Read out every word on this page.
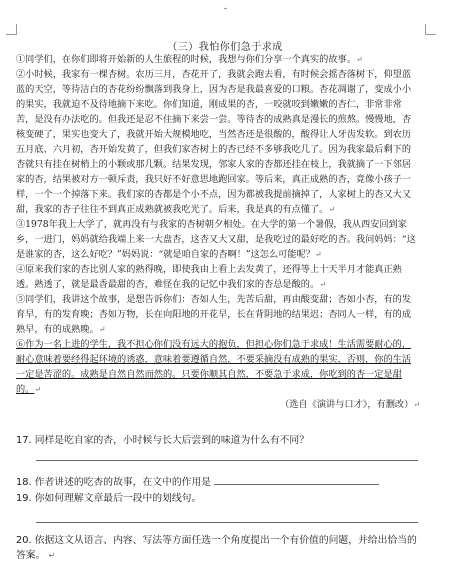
-
（三）我怕你们急于求成

①同学们，在你们即将开始新的人生旅程的时候，我想与你们分享一个真实的故事。↵

②小时候，我家有一棵杏树。农历三月，杏花开了，我就会跑去看，有时候会摇杏落树下，仰望蓝蓝的天空，等待洁白的杏花纷纷飘落到我身上，因为杏是我最喜爱的口粮。杏花凋谢了，变成小小的果实，我就迫不及待地摘下来吃。你们知道，刚成果的杏，一咬就咬到嫩嫩的杏仁，非常非常苦，是没有办法吃的。但我还是忍不住摘下来尝一尝。等待杏的成熟真是漫长的煎熬。慢慢地，杏核变硬了，果实也变大了，我就开始大规模地吃，当然杏还是很酸的，酸得让人牙齿发软。到农历五月底、六月初，杏开始发黄了，但我们家杏树上的杏已经不多够我吃几了。因为我家最后剩下的杏就只有挂在树梢上的小颗或那几颗。结果发现，邻家人家的杏都还挂在枝上，我就摘了一下邻居家的杏，结果被对方一顿斥责，我只好不好意思地跑回家。等后来，真正成熟的杏，竟像小孩子一样，一个一个掉落下来。我们家的杏都是个小不点，因为都被我提前摘掉了，人家树上的杏又大又甜，我家的杏子往往不到真正成熟就被我吃光了。后来，我是真的有点懂了。↵

③1978年我上大学了，就再没有与我家的杏树朝夕相处。在大学的第一个暑假，我从西安回到家乡，一进门，妈妈就给我端上来一大盘杏，这杏又大又甜，是我吃过的最好吃的杏。我问妈妈：“这是谁家的杏，这么好吃？”妈妈说：“就是咱自家的杏啊！”这怎么可能呢？↵

④原来我们家的杏比别人家的熟得晚，即使我由上看上去发黄了，还得等上十天半月才能真正熟透。熟透了，就是最香最甜的杏，难怪在我的记忆中我们家的杏总是酸的。↵

⑤同学们，我讲这个故事，是想告诉你们：杏如人生，先苦后甜，再由酸变甜；杏如小杏，有的发育早，有的发育晚；杏如万物，长在向阳地的开花早，长在背阴地的结果迟；杏同人一样，有的成熟早，有的成熟晚。↵

⑥作为一名上进的学生，我不担心你们没有远大的抱负，但担心你们急于求成！生活需要耐心的，耐心意味着要经得起环境的诱惑，意味着要遵循自然，不要采摘没有成熟的果实，否则，你的生活一定是苦涩的。成熟是自然自然而然的。只要你顺其自然，不要急于求成，你吃到的杏一定是甜的。↵

（选自《演讲与口才》，有删改）↵

17. 同样是吃自家的杏，小时候与长大后尝到的味道为什么有不同？
18. 作者讲述的吃杏的故事，在文中的作用是
19. 你如何理解文章最后一段中的划线句。
20. 依据这文从语言、内容、写法等方面任选一个角度提出一个有价值的问题，并给出恰当的答案。 ↵
